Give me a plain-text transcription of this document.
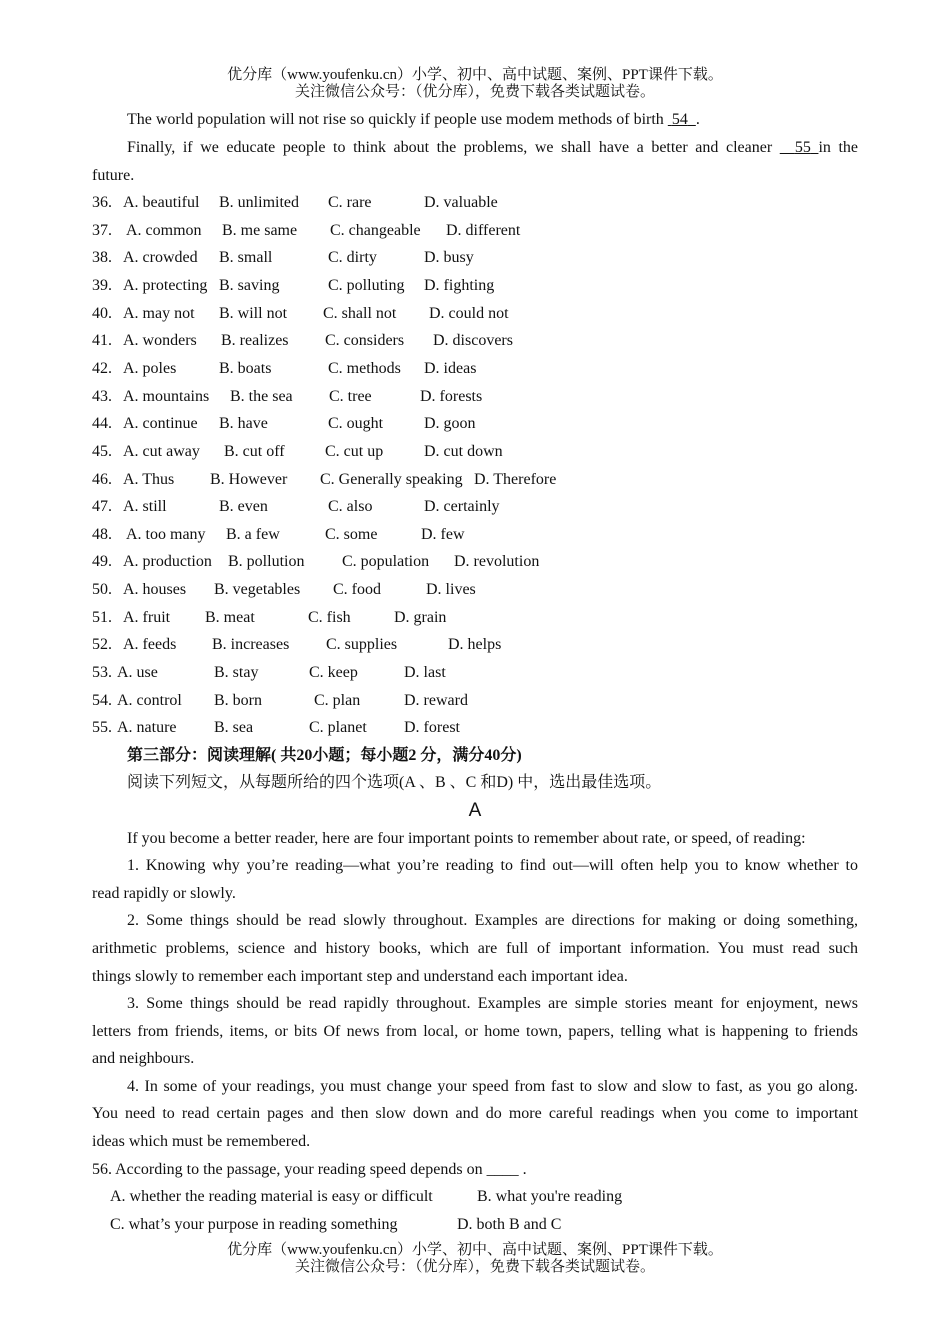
优分库（www.youfenku.cn）小学、初中、高中试题、案例、PPT课件下载。
关注微信公众号：（优分库），免费下载各类试题试卷。
The world population will not rise so quickly if people use modem methods of birth  54 .
Finally, if we educate people to think about the problems, we shall have a better and cleaner   55 in the
future.
36. A. beautiful B. unlimited C. rare	D. valuable
37. A. common B. me same C. changeable D. different
38. A. crowded B. small	C. dirty	D. busy
39. A. protecting B. saving	C. polluting D. fighting
40. A. may not B. will not C. shall not D. could not
41. A. wonders B. realizes C. considers D. discovers
42. A. poles	B. boats	C. methods D. ideas
43. A. mountains B. the sea C. tree	D. forests
44. A. continue B. have	C. ought	D. goon
45. A. cut away B. cut off	C. cut up	D. cut down
46. A. Thus B. However C. Generally speaking D. Therefore
47. A. still	B. even	C. also	D. certainly
48. A. too many B. a few	C. some	D. few
49. A. production B. pollution C. population D. revolution
50. A. houses B. vegetables C. food	D. lives
51. A. fruit B. meat	C. fish	D. grain
52. A. feeds B. increases C. supplies	D. helps
53. A. use	B. stay	C. keep	D. last
54. A. control B. born	C. plan	D. reward
55. A. nature B. sea	C. planet D. forest
第三部分：阅读理解( 共20小题；每小题2 分，满分40分)
阅读下列短文，从每题所给的四个选项(A 、B 、C 和D) 中，选出最佳选项。
A
If you become a better reader, here are four important points to remember about rate, or speed, of reading:
1. Knowing why you’re reading—what you’re reading to find out—will often help you to know whether to
read rapidly or slowly.
2. Some things should be read slowly throughout. Examples are directions for making or doing something,
arithmetic problems, science and history books, which are full of important information. You must read such
things slowly to remember each important step and understand each important idea.
3. Some things should be read rapidly throughout. Examples are simple stories meant for enjoyment, news
letters from friends, items, or bits Of news from local, or home town, papers, telling what is happening to friends
and neighbours.
4. In some of your readings, you must change your speed from fast to slow and slow to fast, as you go along.
You need to read certain pages and then slow down and do more careful readings when you come to important
ideas which must be remembered.
56. According to the passage, your reading speed depends on ____ .
A. whether the reading material is easy or difficult	B. what you're reading
C. what’s your purpose in reading something	D. both B and C
优分库（www.youfenku.cn）小学、初中、高中试题、案例、PPT课件下载。
关注微信公众号：（优分库），免费下载各类试题试卷。
